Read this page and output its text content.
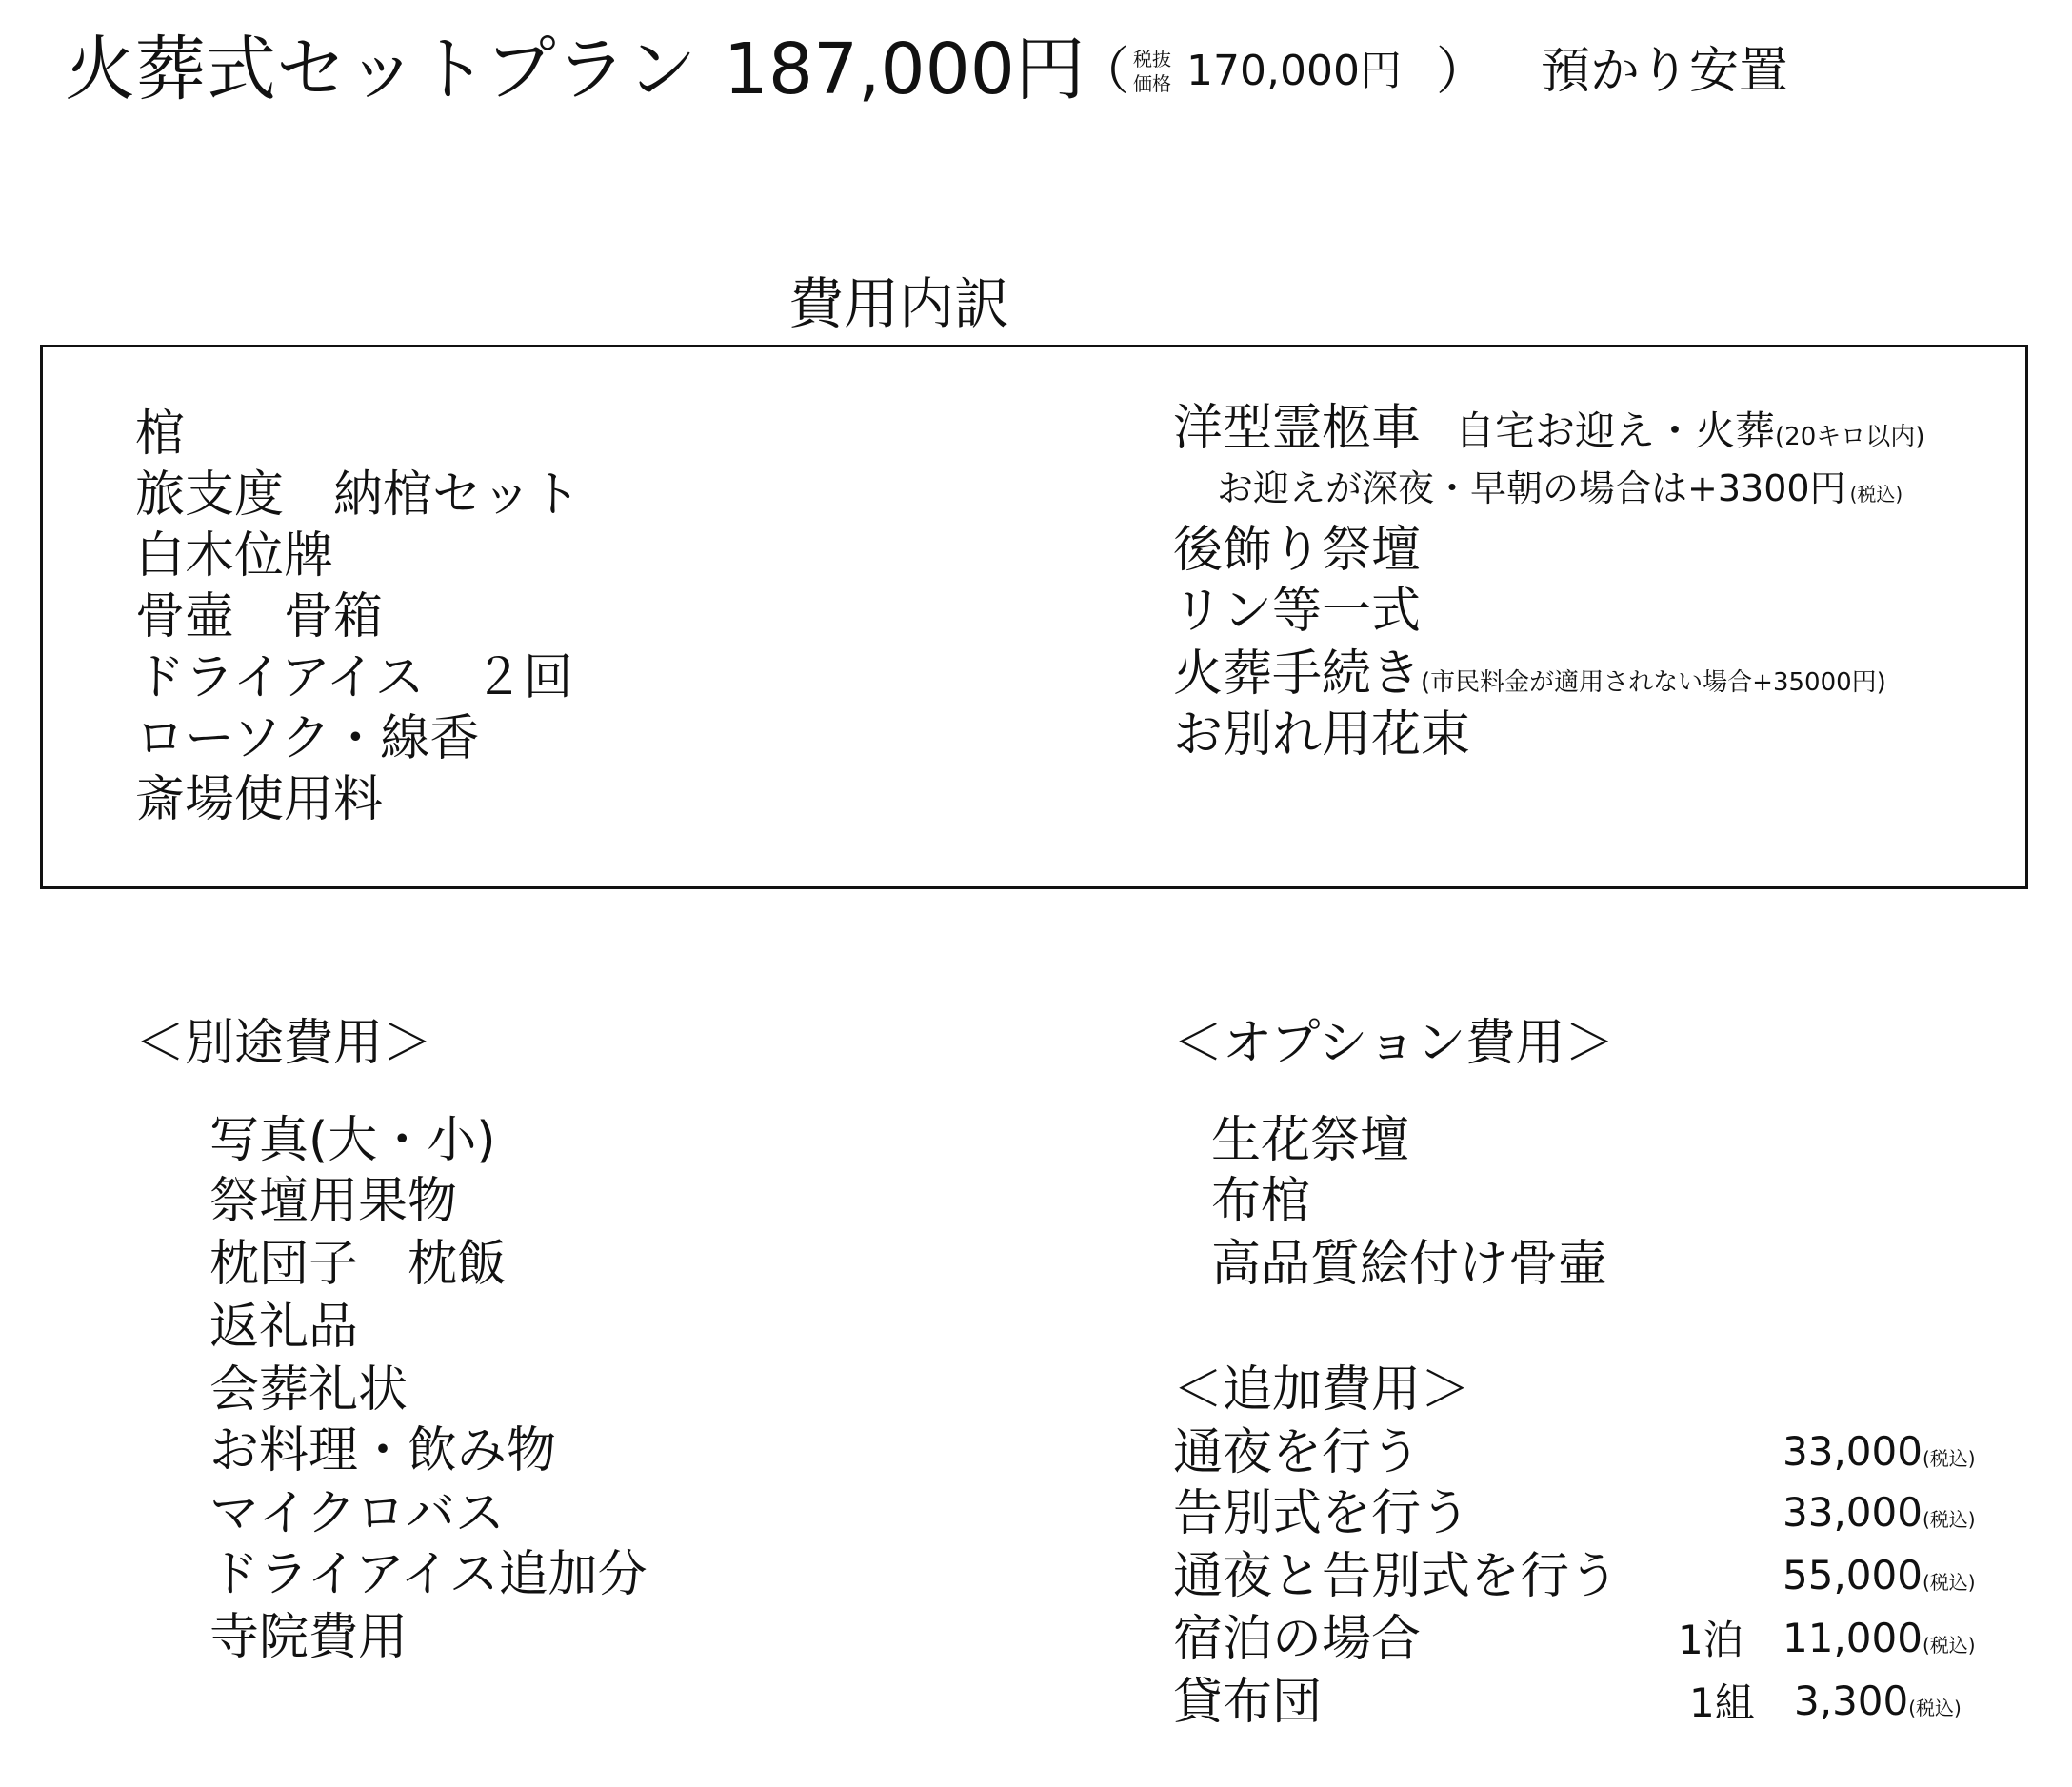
火葬式セットプラン 187,000円
（ 税抜
価格 170,000円 ） 預かり安置
費用内訳
棺
旅支度　納棺セット
白木位牌
骨壷　骨箱
ドライアイス　２回
ローソク・線香
斎場使用料
洋型霊柩車 自宅お迎え・火葬(20キロ以内)
お迎えが深夜・早朝の場合は+3300円 (税込)
後飾り祭壇
リン等一式
火葬手続き(市民料金が適用されない場合+35000円)
お別れ用花束
＜別途費用＞
写真(大・小)
祭壇用果物
枕団子　枕飯
返礼品
会葬礼状
お料理・飲み物
マイクロバス
ドライアイス追加分
寺院費用
＜オプション費用＞
生花祭壇
布棺
高品質絵付け骨壷
＜追加費用＞
通夜を行う	33,000(税込)
告別式を行う	33,000(税込)
通夜と告別式を行う	55,000(税込)
宿泊の場合	1泊 11,000(税込)
貸布団	1組 3,300(税込)
